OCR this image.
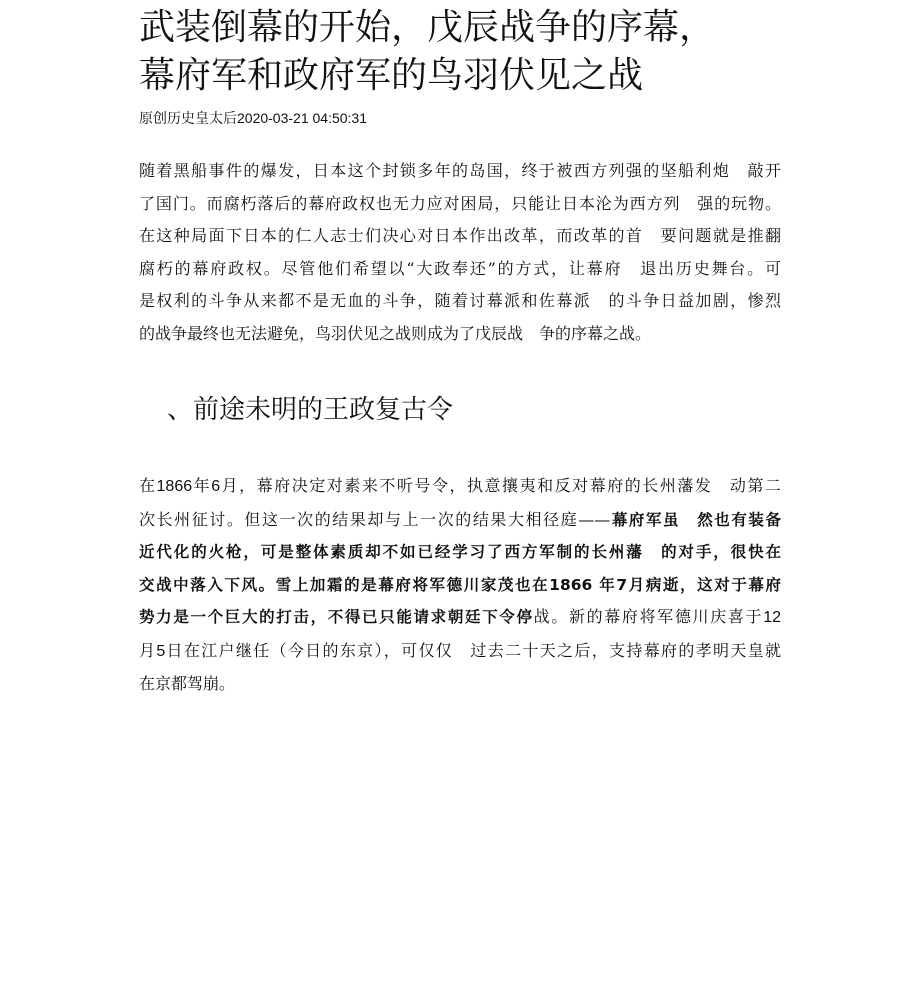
武装倒幕的开始，戊辰战争的序幕，
幕府军和政府军的鸟羽伏见之战
原创历史皇太后2020-03-21 04:50:31

随着黑船事件的爆发，日本这个封锁多年的岛国，终于被西方列强的坚船利炮　敲开
了国门。而腐朽落后的幕府政权也无力应对困局，只能让日本沦为西方列　强的玩物。
在这种局面下日本的仁人志士们决心对日本作出改革，而改革的首　要问题就是推翻
腐朽的幕府政权。尽管他们希望以“大政奉还”的方式，让幕府　退出历史舞台。可
是权利的斗争从来都不是无血的斗争，随着讨幕派和佐幕派　的斗争日益加剧，惨烈
的战争最终也无法避免，鸟羽伏见之战则成为了戊辰战　争的序幕之战。

、前途未明的王政复古令

在1866年6月，幕府决定对素来不听号令，执意攘夷和反对幕府的长州藩发　动第二
次长州征讨。但这一次的结果却与上一次的结果大相径庭——幕府军虽　然也有装备
近代化的火枪，可是整体素质却不如已经学习了西方军制的长州藩　的对手，很快在
交战中落入下风。雪上加霜的是幕府将军德川家茂也在1866 年7月病逝，这对于幕府
势力是一个巨大的打击，不得已只能请求朝廷下令停战。新的幕府将军德川庆喜于12
月5日在江户继任（今日的东京），可仅仅　过去二十天之后，支持幕府的孝明天皇就
在京都驾崩。
